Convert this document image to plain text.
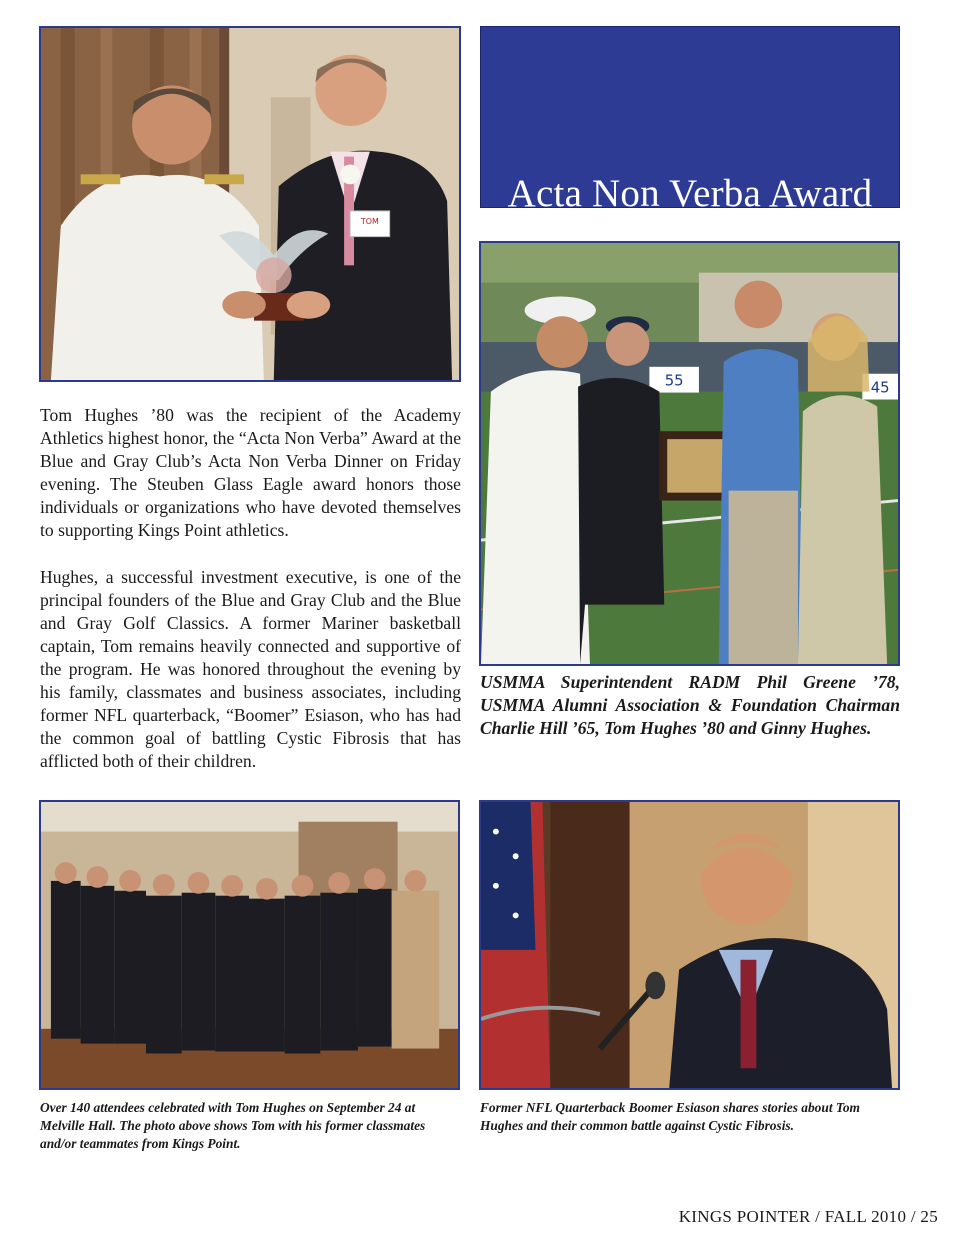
TOM
Acta Non Verba Award
Tom Hughes ’80 was the recipient of the Academy Athletics highest honor, the “Acta Non Verba” Award at the Blue and Gray Club’s Acta Non Verba Dinner on Friday evening. The Steuben Glass Eagle award honors those individuals or organizations who have devoted themselves to supporting Kings Point athletics.
Hughes, a successful investment executive, is one of the principal founders of the Blue and Gray Club and the Blue and Gray Golf Classics. A former Mariner basketball captain, Tom remains heavily connected and supportive of the program. He was honored throughout the evening by his family, classmates and business associates, including former NFL quarterback, “Boomer” Esiason, who has had the common goal of battling Cystic Fibrosis that has afflicted both of their children.
55	45
USMMA Superintendent RADM Phil Greene ’78, USMMA Alumni Association & Foundation Chairman Charlie Hill ’65, Tom Hughes ’80 and Ginny Hughes.
Over 140 attendees celebrated with Tom Hughes on September 24 at Melville Hall. The photo above shows Tom with his former classmates and/or teammates from Kings Point.
Former NFL Quarterback Boomer Esiason shares stories about Tom Hughes and their common battle against Cystic Fibrosis.
KINGS POINTER / FALL 2010 / 25
